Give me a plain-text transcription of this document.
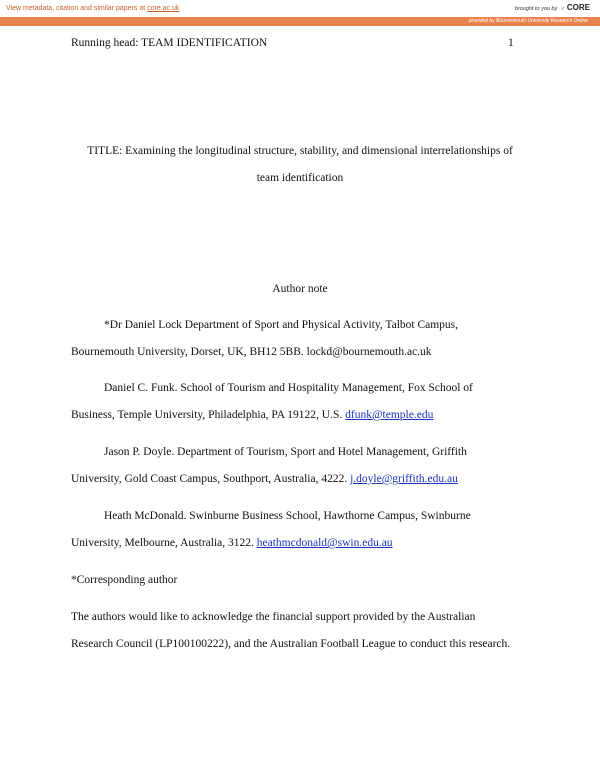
View metadata, citation and similar papers at core.ac.uk	brought to you by ✓ CORE
provided by Bournemouth University Research Online
Running head: TEAM IDENTIFICATION	1
TITLE: Examining the longitudinal structure, stability, and dimensional interrelationships of
team identification
Author note
*Dr Daniel Lock Department of Sport and Physical Activity, Talbot Campus,
Bournemouth University, Dorset, UK, BH12 5BB. lockd@bournemouth.ac.uk
Daniel C. Funk. School of Tourism and Hospitality Management, Fox School of
Business, Temple University, Philadelphia, PA 19122, U.S. dfunk@temple.edu
Jason P. Doyle. Department of Tourism, Sport and Hotel Management, Griffith
University, Gold Coast Campus, Southport, Australia, 4222. j.doyle@griffith.edu.au
Heath McDonald. Swinburne Business School, Hawthorne Campus, Swinburne
University, Melbourne, Australia, 3122. heathmcdonald@swin.edu.au
*Corresponding author
The authors would like to acknowledge the financial support provided by the Australian
Research Council (LP100100222), and the Australian Football League to conduct this research.
